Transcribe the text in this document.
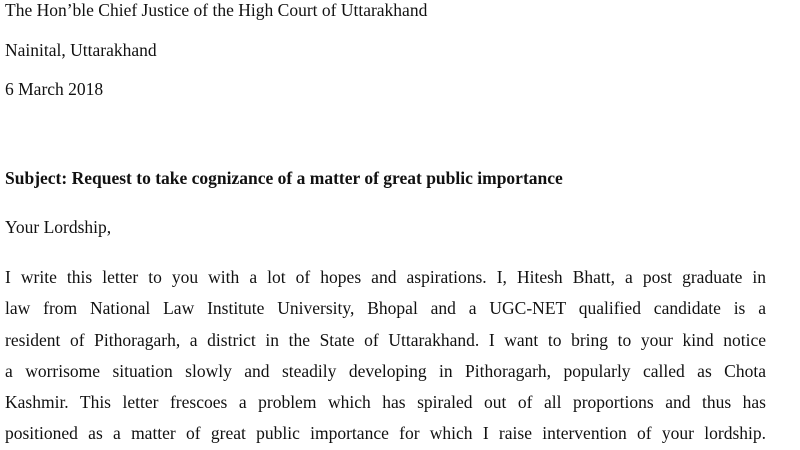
The Hon’ble Chief Justice of the High Court of Uttarakhand
Nainital, Uttarakhand
6 March 2018
Subject: Request to take cognizance of a matter of great public importance
Your Lordship,
I write this letter to you with a lot of hopes and aspirations. I, Hitesh Bhatt, a post graduate in
law from National Law Institute University, Bhopal and a UGC-NET qualified candidate is a
resident of Pithoragarh, a district in the State of Uttarakhand. I want to bring to your kind notice
a worrisome situation slowly and steadily developing in Pithoragarh, popularly called as Chota
Kashmir. This letter frescoes a problem which has spiraled out of all proportions and thus has
positioned as a matter of great public importance for which I raise intervention of your lordship.
